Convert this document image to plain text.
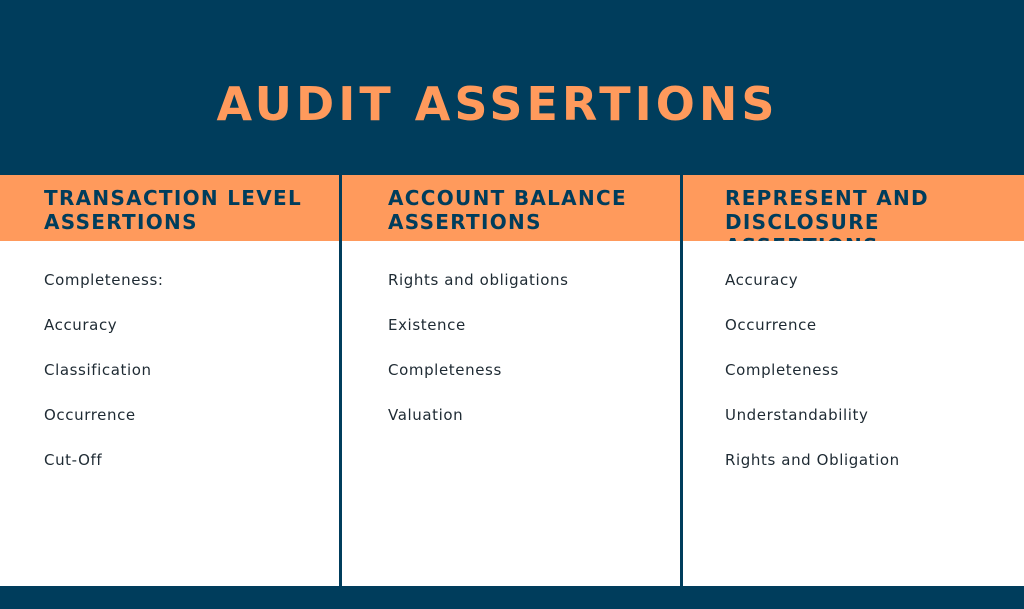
AUDIT ASSERTIONS
TRANSACTION LEVEL
ASSERTIONS
Completeness:
Accuracy
Classification
Occurrence
Cut-Off
ACCOUNT BALANCE
ASSERTIONS
Rights and obligations
Existence
Completeness
Valuation
REPRESENT AND
DISCLOSURE
Accuracy
Occurrence
Completeness
Understandability
Rights and Obligation
